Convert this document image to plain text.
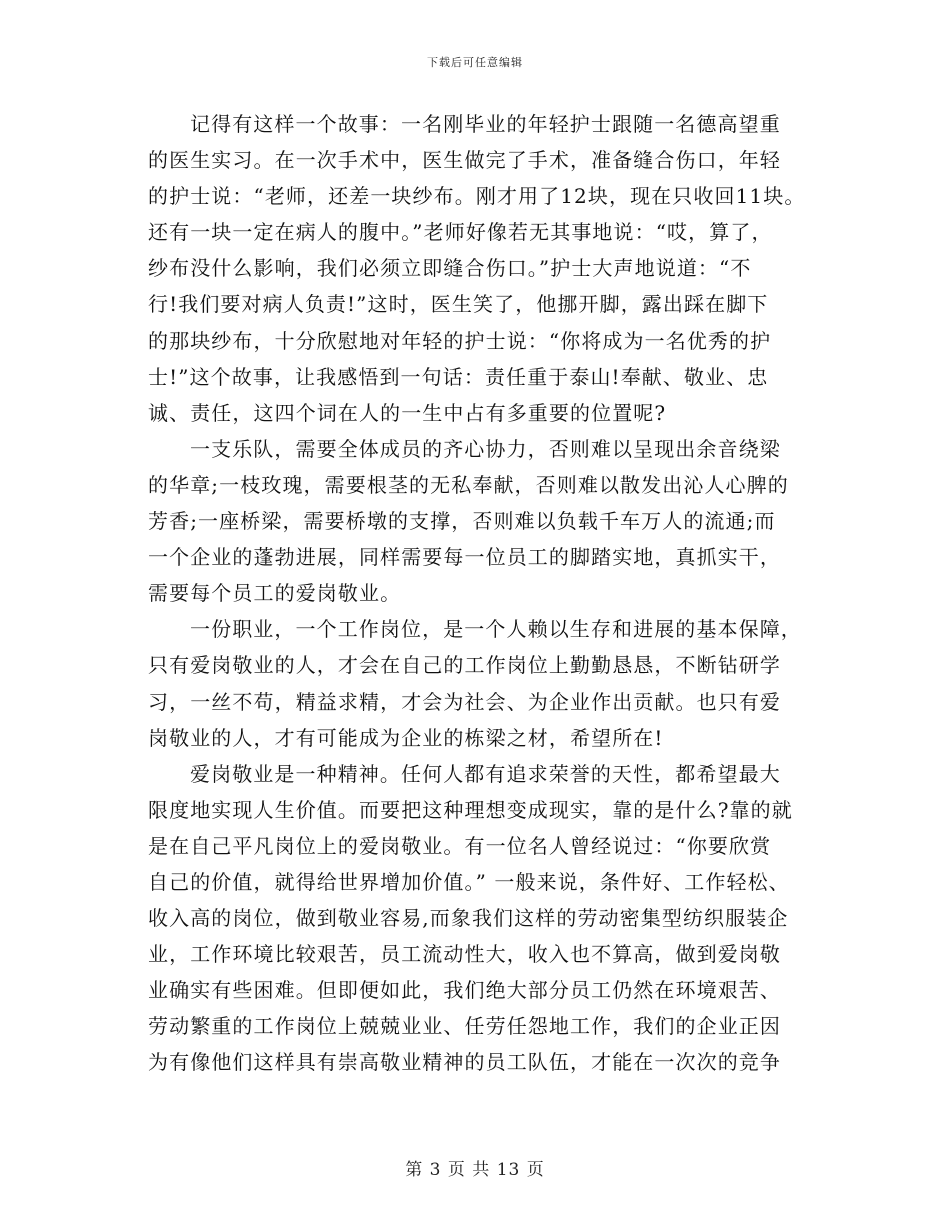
下载后可任意编辑
记得有这样一个故事：一名刚毕业的年轻护士跟随一名德高望重
的医生实习。在一次手术中，医生做完了手术，准备缝合伤口，年轻
的护士说：“老师，还差一块纱布。刚才用了12块，现在只收回11块。
还有一块一定在病人的腹中。”老师好像若无其事地说：“哎，算了，
纱布没什么影响，我们必须立即缝合伤口。”护士大声地说道：“不
行!我们要对病人负责!”这时，医生笑了，他挪开脚，露出踩在脚下
的那块纱布，十分欣慰地对年轻的护士说：“你将成为一名优秀的护
士!”这个故事，让我感悟到一句话：责任重于泰山!奉献、敬业、忠
诚、责任，这四个词在人的一生中占有多重要的位置呢?
一支乐队，需要全体成员的齐心协力，否则难以呈现出余音绕梁
的华章;一枝玫瑰，需要根茎的无私奉献，否则难以散发出沁人心脾的
芳香;一座桥梁，需要桥墩的支撑，否则难以负载千车万人的流通;而
一个企业的蓬勃进展，同样需要每一位员工的脚踏实地，真抓实干，
需要每个员工的爱岗敬业。
一份职业，一个工作岗位，是一个人赖以生存和进展的基本保障，
只有爱岗敬业的人，才会在自己的工作岗位上勤勤恳恳，不断钻研学
习，一丝不苟，精益求精，才会为社会、为企业作出贡献。也只有爱
岗敬业的人，才有可能成为企业的栋梁之材，希望所在!
爱岗敬业是一种精神。任何人都有追求荣誉的天性，都希望最大
限度地实现人生价值。而要把这种理想变成现实，靠的是什么?靠的就
是在自己平凡岗位上的爱岗敬业。有一位名人曾经说过：“你要欣赏
自己的价值，就得给世界增加价值。” 一般来说，条件好、工作轻松、
收入高的岗位，做到敬业容易,而象我们这样的劳动密集型纺织服装企
业，工作环境比较艰苦，员工流动性大，收入也不算高，做到爱岗敬
业确实有些困难。但即便如此，我们绝大部分员工仍然在环境艰苦、
劳动繁重的工作岗位上兢兢业业、任劳任怨地工作，我们的企业正因
为有像他们这样具有崇高敬业精神的员工队伍，才能在一次次的竞争
第 3 页 共 13 页
